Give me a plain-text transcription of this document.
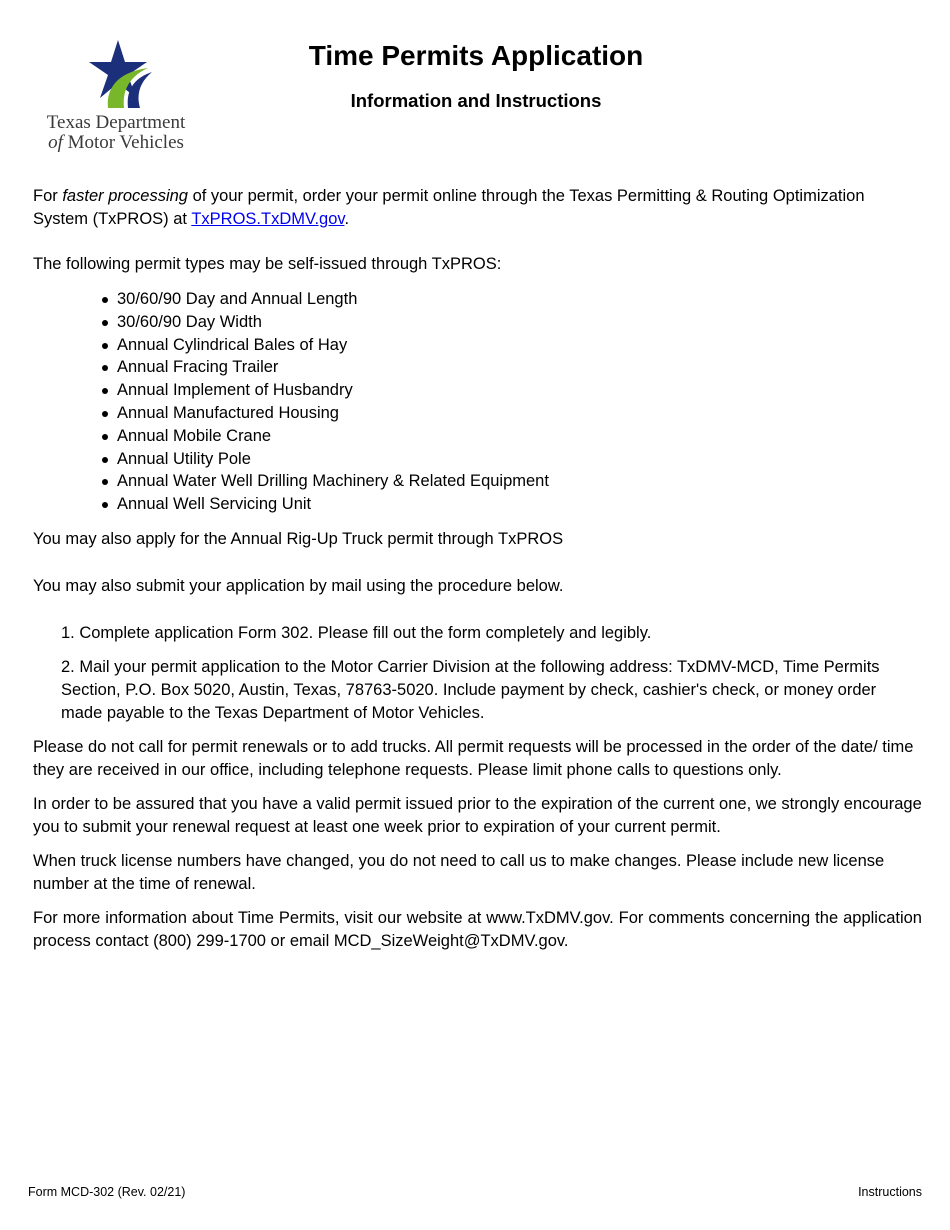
Texas Department
of Motor Vehicles
Time Permits Application
Information and Instructions

For faster processing of your permit, order your permit online through the Texas Permitting & Routing Optimization System (TxPROS) at TxPROS.TxDMV.gov.

The following permit types may be self-issued through TxPROS:

30/60/90 Day and Annual Length
30/60/90 Day Width
Annual Cylindrical Bales of Hay
Annual Fracing Trailer
Annual Implement of Husbandry
Annual Manufactured Housing
Annual Mobile Crane
Annual Utility Pole
Annual Water Well Drilling Machinery & Related Equipment
Annual Well Servicing Unit

You may also apply for the Annual Rig-Up Truck permit through TxPROS

You may also submit your application by mail using the procedure below.

1. Complete application Form 302. Please fill out the form completely and legibly.
2. Mail your permit application to the Motor Carrier Division at the following address: TxDMV-MCD, Time Permits Section, P.O. Box 5020, Austin, Texas, 78763-5020. Include payment by check, cashier's check, or money order made payable to the Texas Department of Motor Vehicles.

Please do not call for permit renewals or to add trucks. All permit requests will be processed in the order of the date/ time they are received in our office, including telephone requests. Please limit phone calls to questions only.

In order to be assured that you have a valid permit issued prior to the expiration of the current one, we strongly encourage you to submit your renewal request at least one week prior to expiration of your current permit.

When truck license numbers have changed, you do not need to call us to make changes. Please include new license number at the time of renewal.

For more information about Time Permits, visit our website at www.TxDMV.gov. For comments concerning the application process contact (800) 299-1700 or email MCD_SizeWeight@TxDMV.gov.

Form MCD-302 (Rev. 02/21)	Instructions
